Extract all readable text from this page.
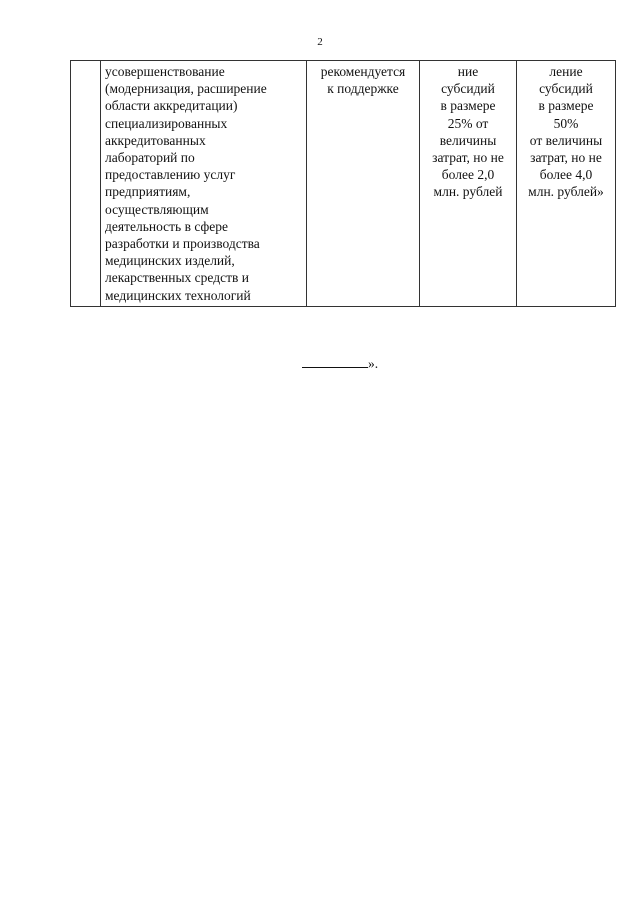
2

усовершенствование
(модернизация, расширение
области аккредитации)
специализированных
аккредитованных
лабораторий по
предоставлению услуг
предприятиям,
осуществляющим
деятельность в сфере
разработки и производства
медицинских изделий,
лекарственных средств и
медицинских технологий

рекомендуется
к поддержке

ние
субсидий
в размере
25% от
величины
затрат, но не
более 2,0
млн. рублей

ление
субсидий
в размере
50%
от величины
затрат, но не
более 4,0
млн. рублей»
».
